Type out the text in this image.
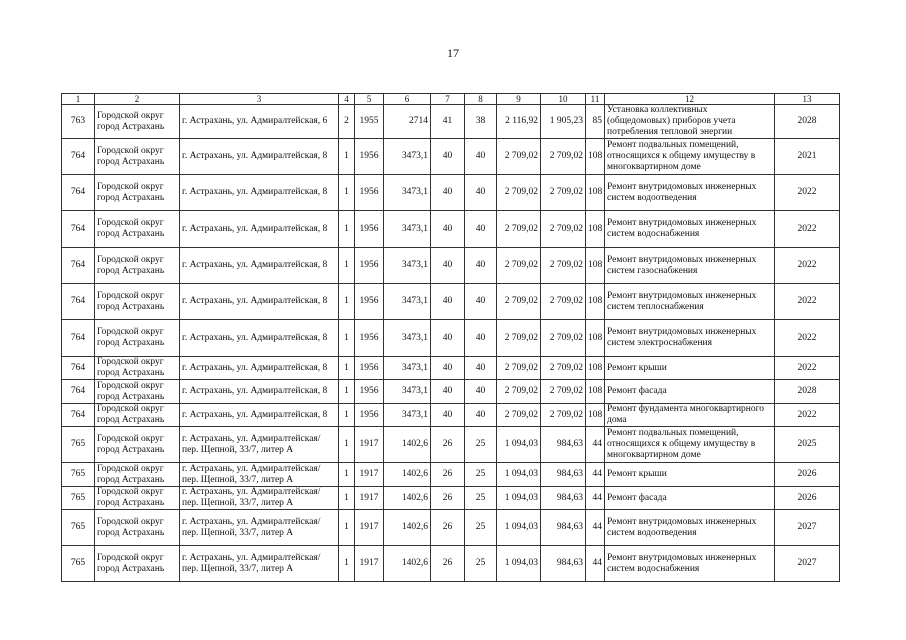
17
1	2	3	4	5	6	7	8	9	10	11	12	13
763	Городской округ город Астрахань	г. Астрахань, ул. Адмиралтейская, 6	2	1955	2714	41	38	2 116,92	1 905,23	85	Установка коллективных (общедомовых) приборов учета потребления тепловой энергии	2028
764	Городской округ город Астрахань	г. Астрахань, ул. Адмиралтейская, 8	1	1956	3473,1	40	40	2 709,02	2 709,02	108	Ремонт подвальных помещений, относящихся к общему имуществу в многоквартирном доме	2021
764	Городской округ город Астрахань	г. Астрахань, ул. Адмиралтейская, 8	1	1956	3473,1	40	40	2 709,02	2 709,02	108	Ремонт внутридомовых инженерных систем водоотведения	2022
764	Городской округ город Астрахань	г. Астрахань, ул. Адмиралтейская, 8	1	1956	3473,1	40	40	2 709,02	2 709,02	108	Ремонт внутридомовых инженерных систем водоснабжения	2022
764	Городской округ город Астрахань	г. Астрахань, ул. Адмиралтейская, 8	1	1956	3473,1	40	40	2 709,02	2 709,02	108	Ремонт внутридомовых инженерных систем газоснабжения	2022
764	Городской округ город Астрахань	г. Астрахань, ул. Адмиралтейская, 8	1	1956	3473,1	40	40	2 709,02	2 709,02	108	Ремонт внутридомовых инженерных систем теплоснабжения	2022
764	Городской округ город Астрахань	г. Астрахань, ул. Адмиралтейская, 8	1	1956	3473,1	40	40	2 709,02	2 709,02	108	Ремонт внутридомовых инженерных систем электроснабжения	2022
764	Городской округ город Астрахань	г. Астрахань, ул. Адмиралтейская, 8	1	1956	3473,1	40	40	2 709,02	2 709,02	108	Ремонт крыши	2022
764	Городской округ город Астрахань	г. Астрахань, ул. Адмиралтейская, 8	1	1956	3473,1	40	40	2 709,02	2 709,02	108	Ремонт фасада	2028
764	Городской округ город Астрахань	г. Астрахань, ул. Адмиралтейская, 8	1	1956	3473,1	40	40	2 709,02	2 709,02	108	Ремонт фундамента многоквартирного дома	2022
765	Городской округ город Астрахань	г. Астрахань, ул. Адмиралтейская/ пер. Щепной, 33/7, литер А	1	1917	1402,6	26	25	1 094,03	984,63	44	Ремонт подвальных помещений, относящихся к общему имуществу в многоквартирном доме	2025
765	Городской округ город Астрахань	г. Астрахань, ул. Адмиралтейская/ пер. Щепной, 33/7, литер А	1	1917	1402,6	26	25	1 094,03	984,63	44	Ремонт крыши	2026
765	Городской округ город Астрахань	г. Астрахань, ул. Адмиралтейская/ пер. Щепной, 33/7, литер А	1	1917	1402,6	26	25	1 094,03	984,63	44	Ремонт фасада	2026
765	Городской округ город Астрахань	г. Астрахань, ул. Адмиралтейская/ пер. Щепной, 33/7, литер А	1	1917	1402,6	26	25	1 094,03	984,63	44	Ремонт внутридомовых инженерных систем водоотведения	2027
765	Городской округ город Астрахань	г. Астрахань, ул. Адмиралтейская/ пер. Щепной, 33/7, литер А	1	1917	1402,6	26	25	1 094,03	984,63	44	Ремонт внутридомовых инженерных систем водоснабжения	2027
